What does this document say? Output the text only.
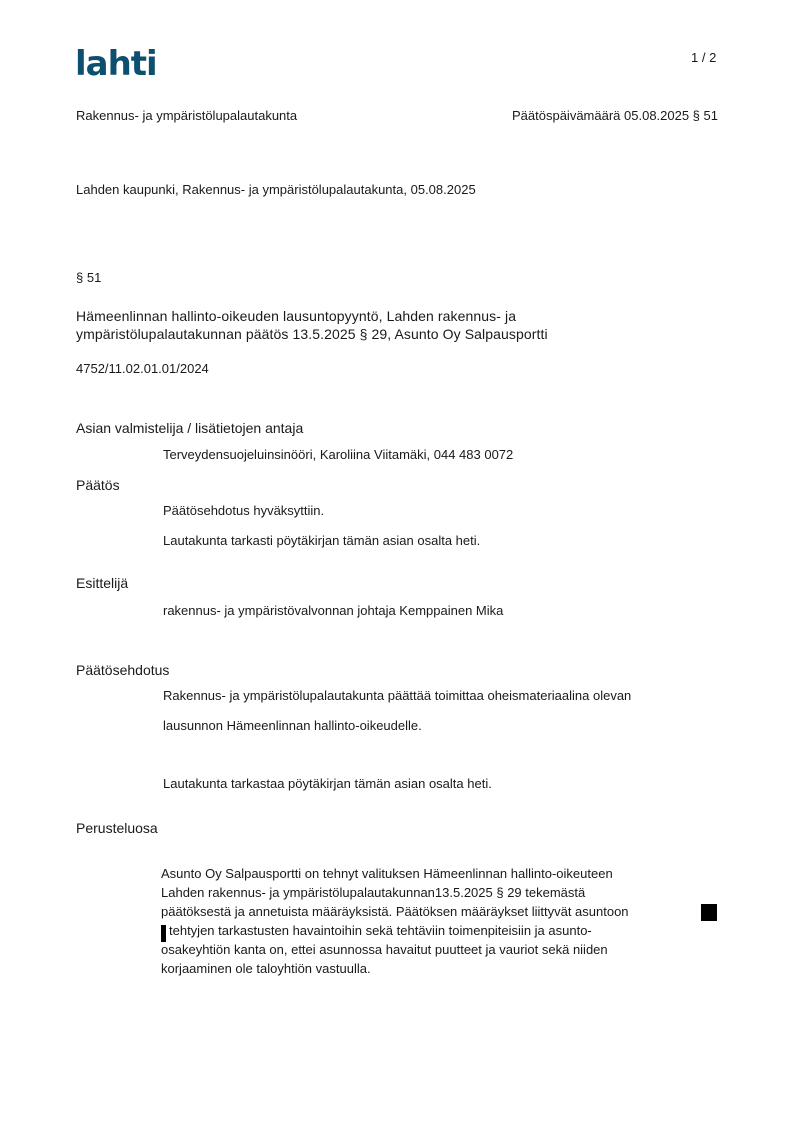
lahti	1 / 2
Rakennus- ja ympäristölupalautakunta	Päätöspäivämäärä 05.08.2025 § 51
Lahden kaupunki, Rakennus- ja ympäristölupalautakunta, 05.08.2025
§ 51
Hämeenlinnan hallinto-oikeuden lausuntopyyntö, Lahden rakennus- ja
ympäristölupalautakunnan päätös 13.5.2025 § 29, Asunto Oy Salpausportti
4752/11.02.01.01/2024
Asian valmistelija / lisätietojen antaja
Terveydensuojeluinsinööri, Karoliina Viitamäki, 044 483 0072
Päätös
Päätösehdotus hyväksyttiin.
Lautakunta tarkasti pöytäkirjan tämän asian osalta heti.
Esittelijä
rakennus- ja ympäristövalvonnan johtaja Kemppainen Mika
Päätösehdotus
Rakennus- ja ympäristölupalautakunta päättää toimittaa oheismateriaalina olevan
lausunnon Hämeenlinnan hallinto-oikeudelle.
Lautakunta tarkastaa pöytäkirjan tämän asian osalta heti.
Perusteluosa
Asunto Oy Salpausportti on tehnyt valituksen Hämeenlinnan hallinto-oikeuteen
Lahden rakennus- ja ympäristölupalautakunnan13.5.2025 § 29 tekemästä
päätöksestä ja annetuista määräyksistä. Päätöksen määräykset liittyvät asuntoon
tehtyjen tarkastusten havaintoihin sekä tehtäviin toimenpiteisiin ja asunto-
osakeyhtiön kanta on, ettei asunnossa havaitut puutteet ja vauriot sekä niiden
korjaaminen ole taloyhtiön vastuulla.
